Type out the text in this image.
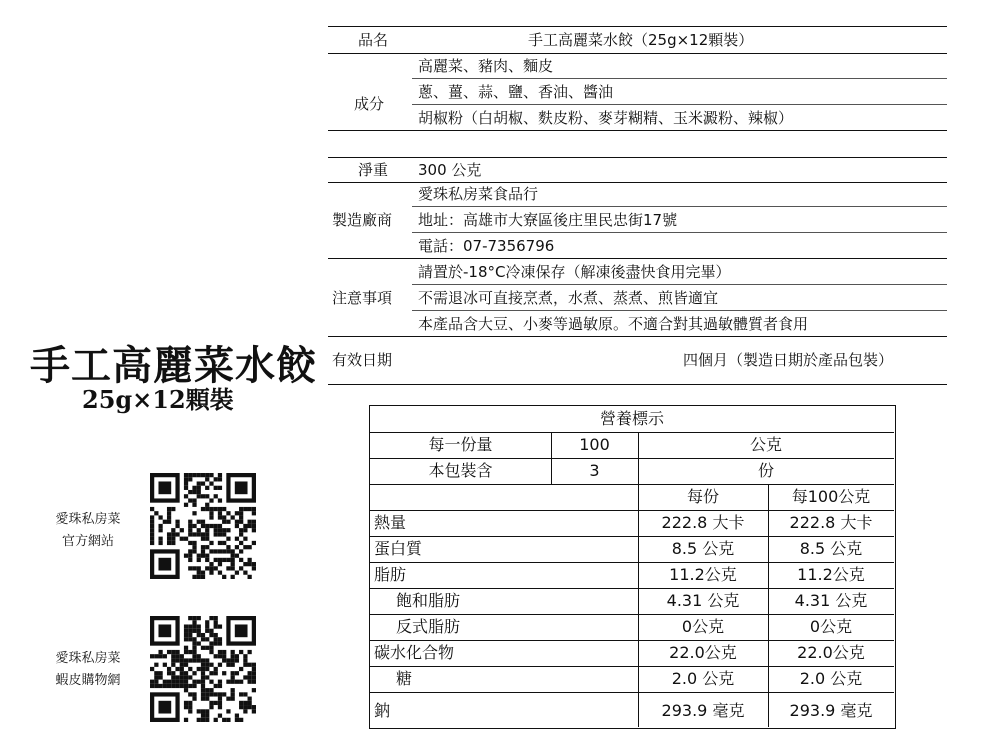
手工高麗菜水餃
25g×12顆裝
愛珠私房菜
官方網站
愛珠私房菜
蝦皮購物網
品名	手工高麗菜水餃（25g×12顆裝）
成分
高麗菜、豬肉、麵皮
蔥、薑、蒜、鹽、香油、醬油
胡椒粉（白胡椒、麩皮粉、麥芽糊精、玉米澱粉、辣椒）
淨重 300 公克
製造廠商
愛珠私房菜食品行
地址：高雄市大寮區後庄里民忠街17號
電話：07-7356796
注意事項
請置於-18°C冷凍保存（解凍後盡快食用完畢）
不需退冰可直接烹煮，水煮、蒸煮、煎皆適宜
本產品含大豆、小麥等過敏原。不適合對其過敏體質者食用
有效日期	四個月（製造日期於產品包裝）
營養標示
每一份量	100	公克
本包裝含	3	份
每份	每100公克
熱量	222.8 大卡	222.8 大卡
蛋白質	8.5 公克	8.5 公克
脂肪	11.2公克	11.2公克
飽和脂肪	4.31 公克	4.31 公克
反式脂肪	0公克	0公克
碳水化合物	22.0公克	22.0公克
糖	2.0 公克	2.0 公克
鈉	293.9 毫克	293.9 毫克
